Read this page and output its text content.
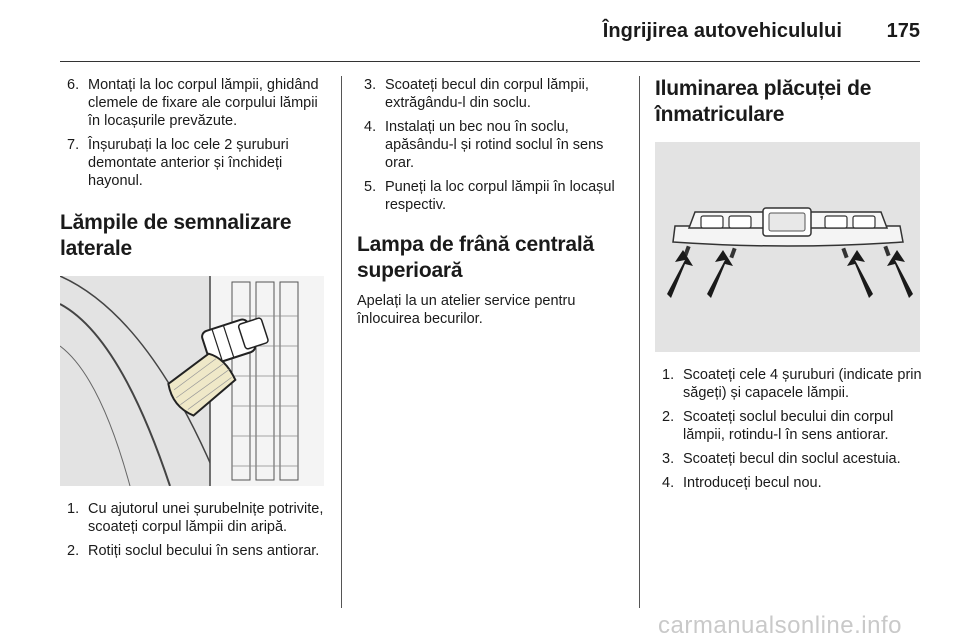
Îngrijirea autovehiculului 175
6. Montați la loc corpul lămpii, ghidând clemele de fixare ale corpului lămpii în locașurile prevăzute.
7. Înșurubați la loc cele 2 șuruburi demontate anterior și închideți hayonul.
Lămpile de semnalizare laterale
1. Cu ajutorul unei șurubelnițe potrivite, scoateți corpul lămpii din aripă.
2. Rotiți soclul becului în sens antiorar.
3. Scoateți becul din corpul lămpii, extrăgându-l din soclu.
4. Instalați un bec nou în soclu, apăsându-l și rotind soclul în sens orar.
5. Puneți la loc corpul lămpii în locașul respectiv.
Lampa de frână centrală superioară

Apelați la un atelier service pentru înlocuirea becurilor.

Iluminarea plăcuței de înmatriculare
1. Scoateți cele 4 șuruburi (indicate prin săgeți) și capacele lămpii.
2. Scoateți soclul becului din corpul lămpii, rotindu-l în sens antiorar.
3. Scoateți becul din soclul acestuia.
4. Introduceți becul nou.
carmanualsonline.info
